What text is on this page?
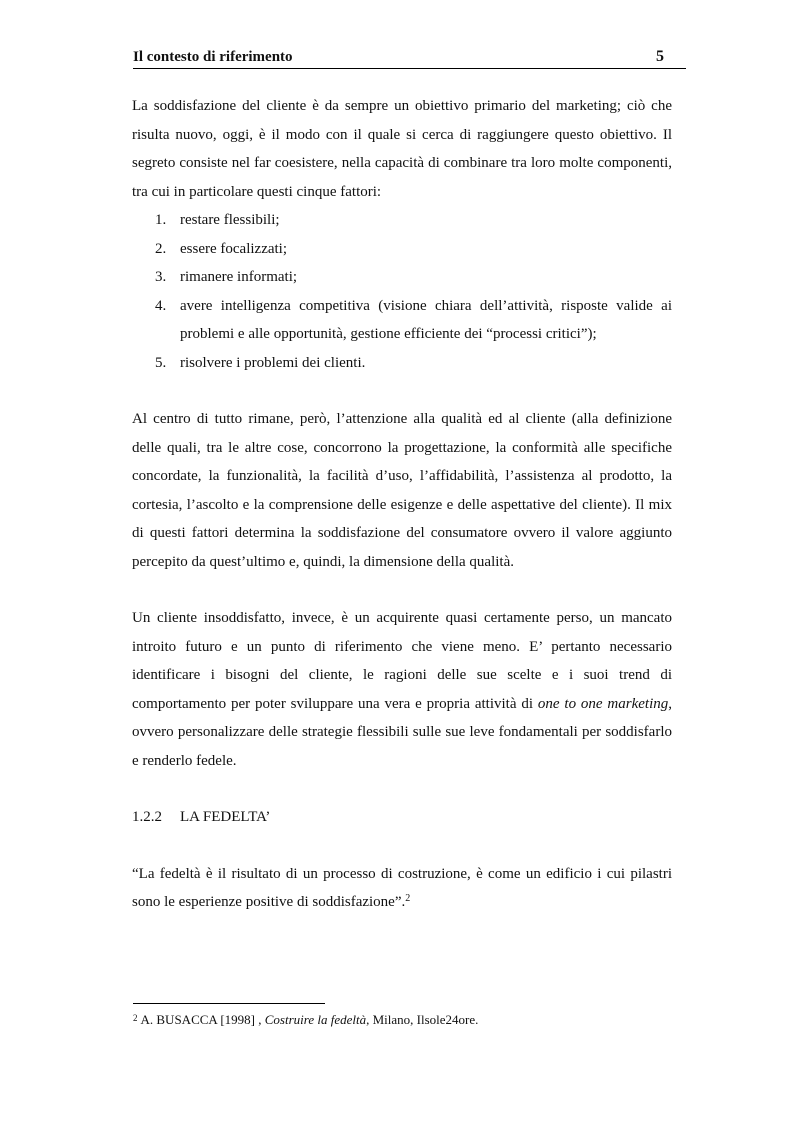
Il contesto di riferimento	5

La soddisfazione del cliente è da sempre un obiettivo primario del marketing; ciò che risulta nuovo, oggi, è il modo con il quale si cerca di raggiungere questo obiettivo. Il segreto consiste nel far coesistere, nella capacità di combinare tra loro molte componenti, tra cui in particolare questi cinque fattori:

1. restare flessibili;
2. essere focalizzati;
3. rimanere informati;
4. avere intelligenza competitiva (visione chiara dell’attività, risposte valide ai problemi e alle opportunità, gestione efficiente dei “processi critici”);
5. risolvere i problemi dei clienti.

Al centro di tutto rimane, però, l’attenzione alla qualità ed al cliente (alla definizione delle quali, tra le altre cose, concorrono la progettazione, la conformità alle specifiche concordate, la funzionalità, la facilità d’uso, l’affidabilità, l’assistenza al prodotto, la cortesia, l’ascolto e la comprensione delle esigenze e delle aspettative del cliente). Il mix di questi fattori determina la soddisfazione del consumatore ovvero il valore aggiunto percepito da quest’ultimo e, quindi, la dimensione della qualità.

Un cliente insoddisfatto, invece, è un acquirente quasi certamente perso, un mancato introito futuro e un punto di riferimento che viene meno. E’ pertanto necessario identificare i bisogni del cliente, le ragioni delle sue scelte e i suoi trend di comportamento per poter sviluppare una vera e propria attività di one to one marketing, ovvero personalizzare delle strategie flessibili sulle sue leve fondamentali per soddisfarlo e renderlo fedele.

1.2.2 LA FEDELTA’

“La fedeltà è il risultato di un processo di costruzione, è come un edificio i cui pilastri sono le esperienze positive di soddisfazione”.$^2$

$^2$ A. BUSACCA [1998] , Costruire la fedeltà, Milano, Ilsole24ore.
